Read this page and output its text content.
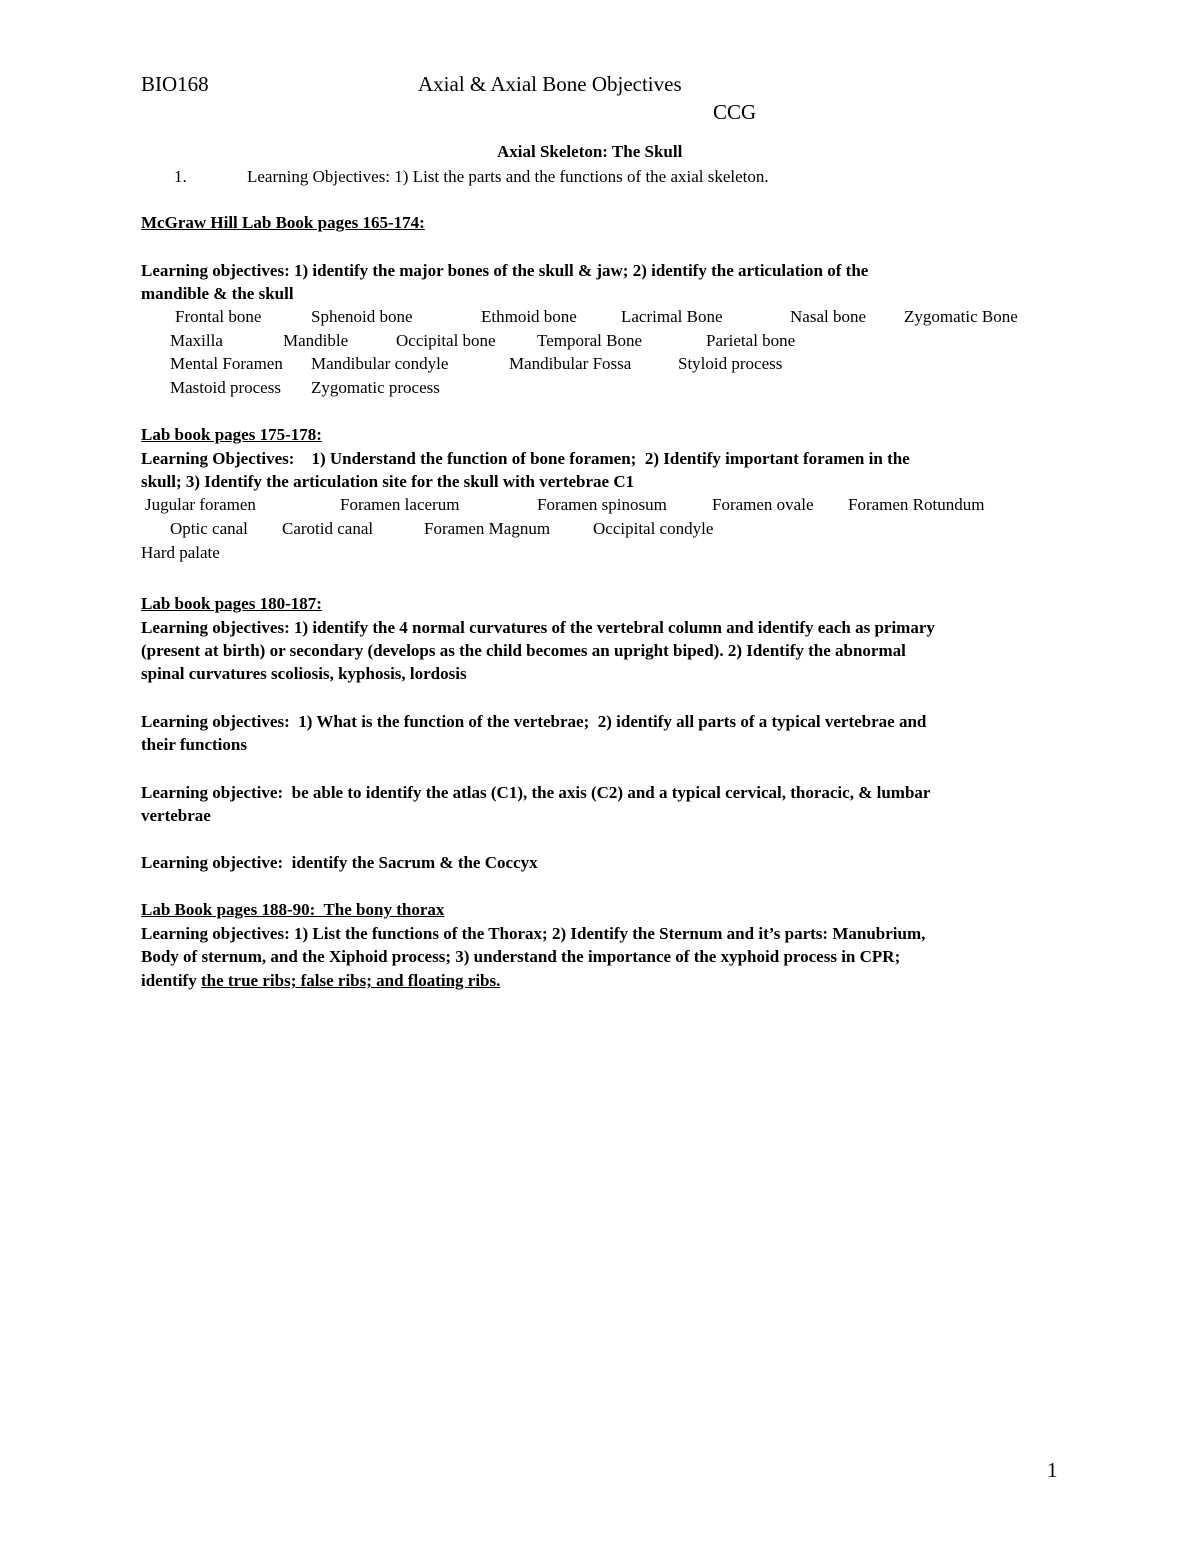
BIO168	Axial & Axial Bone Objectives
CCG
Axial Skeleton: The Skull
1.	Learning Objectives: 1) List the parts and the functions of the axial skeleton.
McGraw Hill Lab Book pages 165-174:
Learning objectives: 1) identify the major bones of the skull & jaw; 2) identify the articulation of the
mandible & the skull
Frontal bone	Sphenoid bone	Ethmoid bone	Lacrimal Bone	Nasal bone Zygomatic Bone
Maxilla	Mandible	Occipital bone Temporal Bone	Parietal bone
Mental Foramen Mandibular condyle	Mandibular Fossa	Styloid process
Mastoid process Zygomatic process
Lab book pages 175-178:
Learning Objectives:    1) Understand the function of bone foramen;  2) Identify important foramen in the
skull; 3) Identify the articulation site for the skull with vertebrae C1
Jugular foramen	Foramen lacerum	Foramen spinosum	Foramen ovale Foramen Rotundum
Optic canal Carotid canal	Foramen Magnum	Occipital condyle
Hard palate
Lab book pages 180-187:
Learning objectives: 1) identify the 4 normal curvatures of the vertebral column and identify each as primary
(present at birth) or secondary (develops as the child becomes an upright biped). 2) Identify the abnormal
spinal curvatures scoliosis, kyphosis, lordosis
Learning objectives:  1) What is the function of the vertebrae;  2) identify all parts of a typical vertebrae and
their functions
Learning objective:  be able to identify the atlas (C1), the axis (C2) and a typical cervical, thoracic, & lumbar
vertebrae
Learning objective:  identify the Sacrum & the Coccyx
Lab Book pages 188-90:  The bony thorax
Learning objectives: 1) List the functions of the Thorax; 2) Identify the Sternum and it’s parts: Manubrium,
Body of sternum, and the Xiphoid process; 3) understand the importance of the xyphoid process in CPR;
identify the true ribs; false ribs; and floating ribs.
1
